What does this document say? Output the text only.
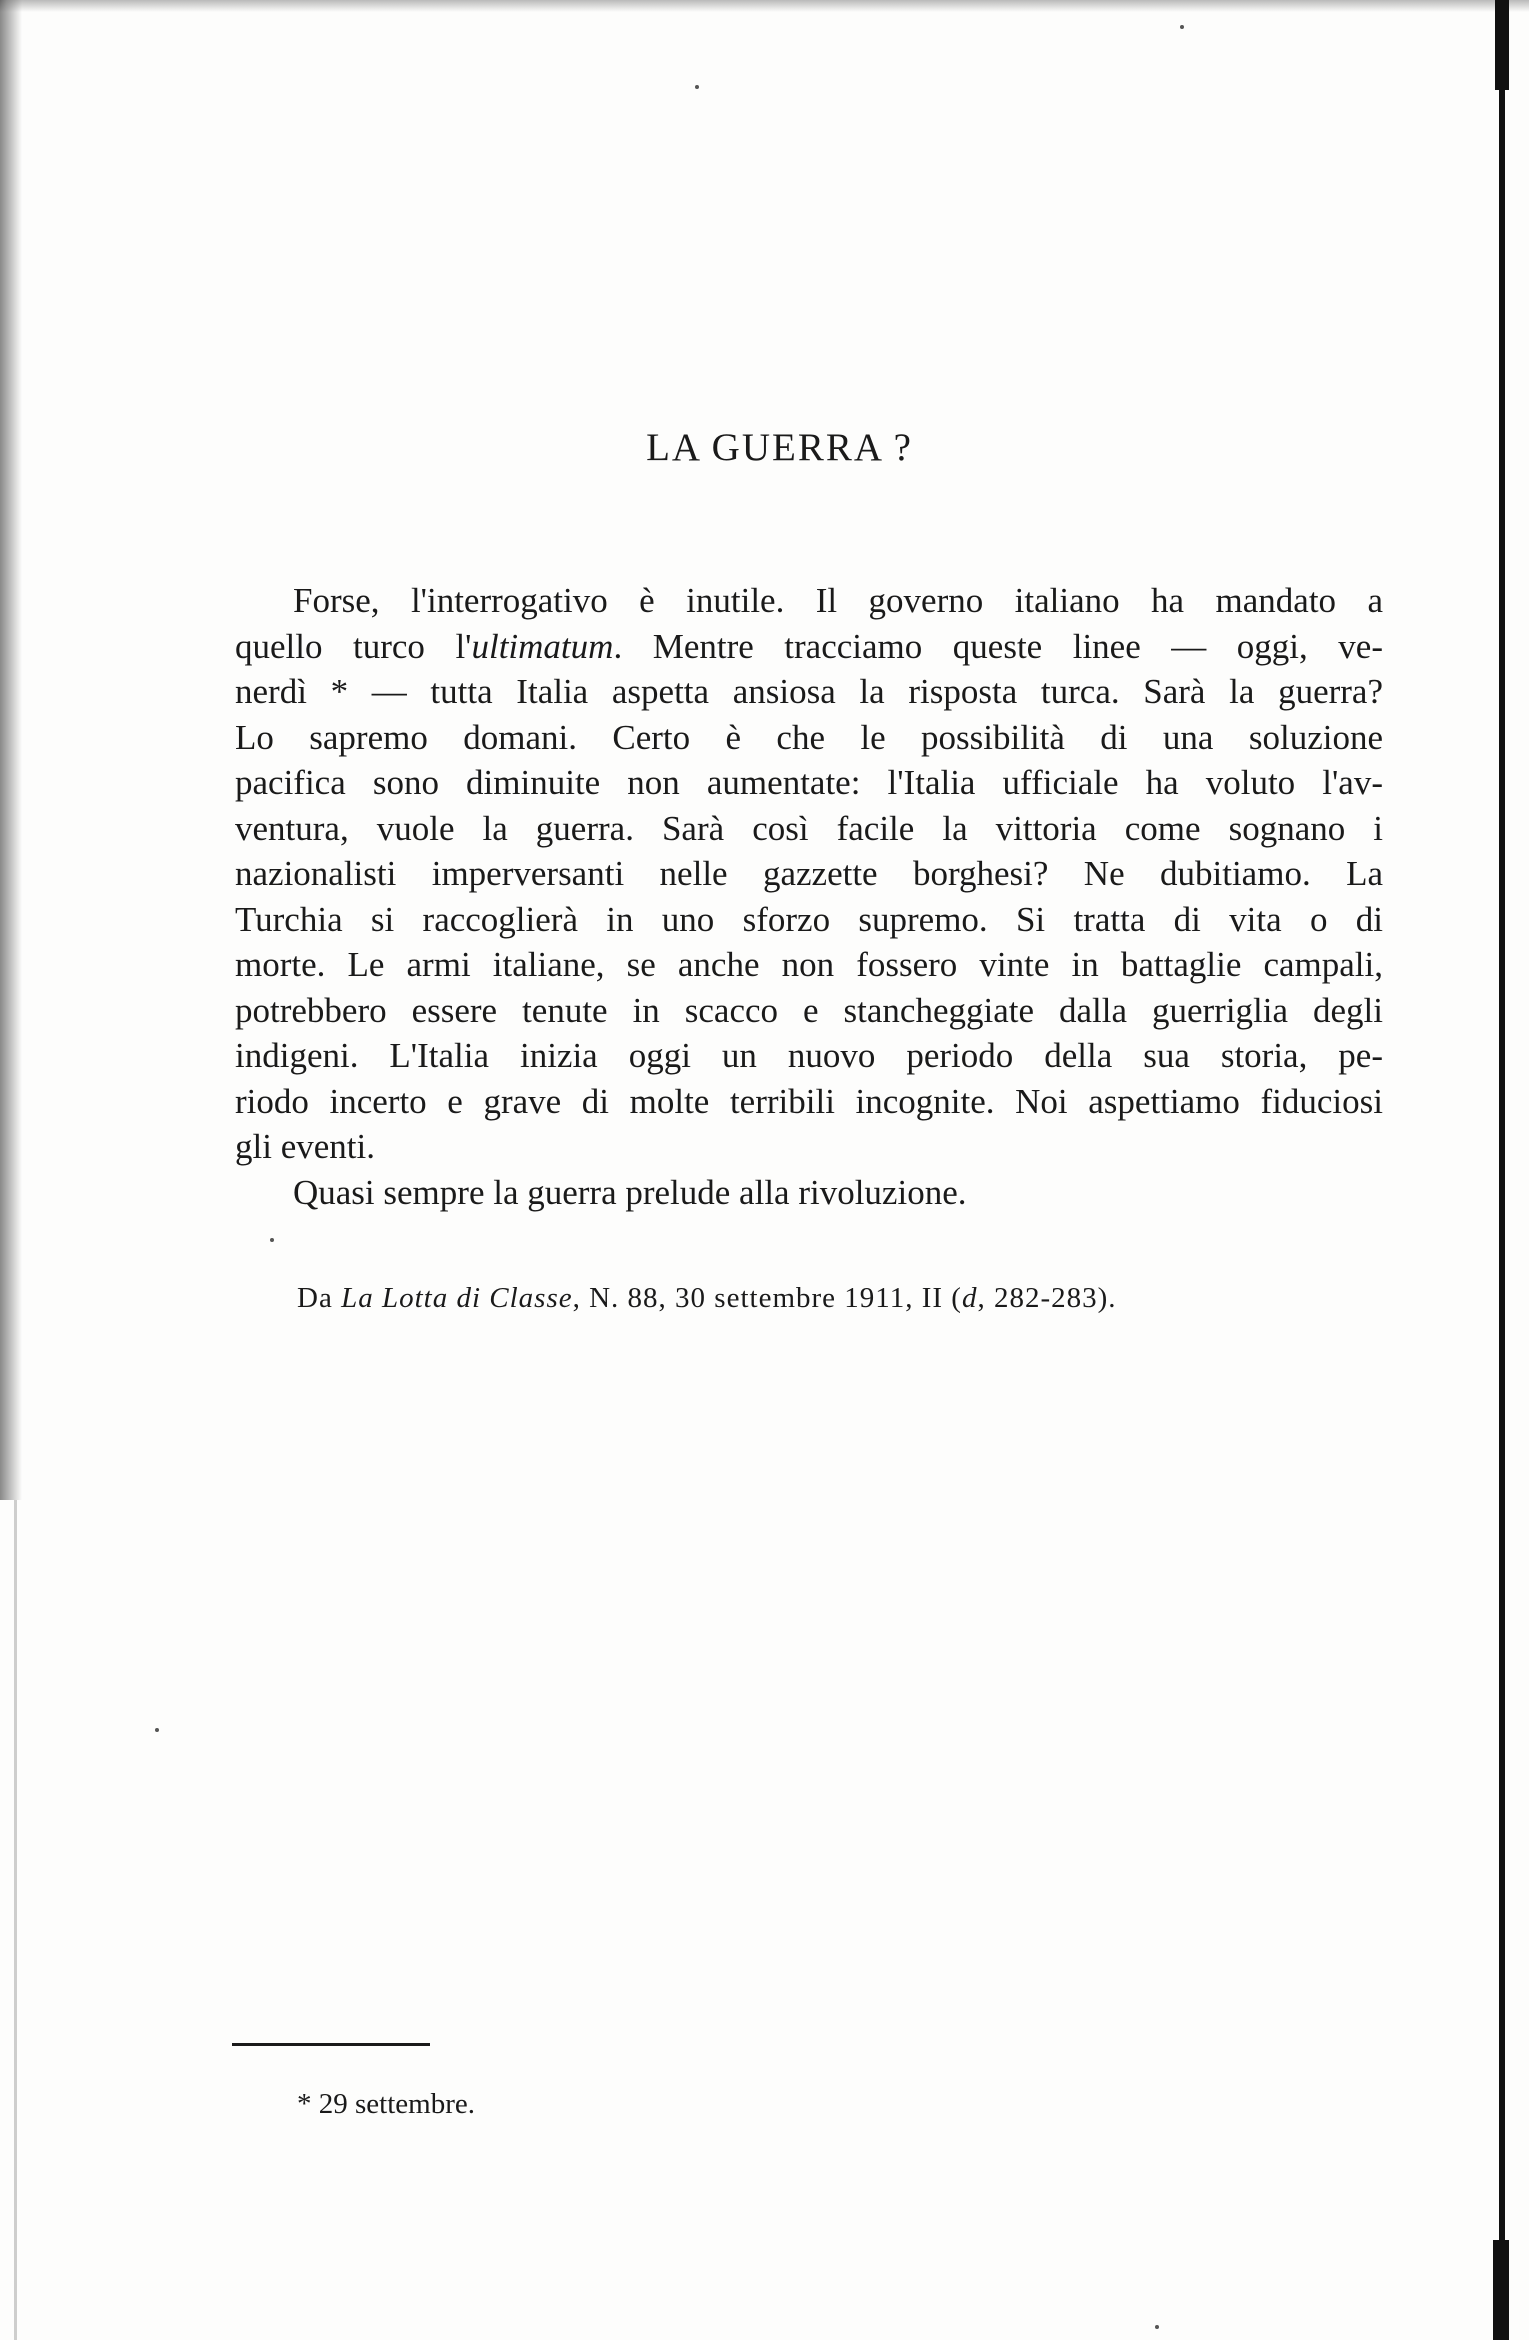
LA GUERRA ?
Forse, l'interrogativo è inutile. Il governo italiano ha mandato a
quello turco l'ultimatum. Mentre tracciamo queste linee — oggi, ve-
nerdì * — tutta Italia aspetta ansiosa la risposta turca. Sarà la guerra?
Lo sapremo domani. Certo è che le possibilità di una soluzione
pacifica sono diminuite non aumentate: l'Italia ufficiale ha voluto l'av-
ventura, vuole la guerra. Sarà così facile la vittoria come sognano i
nazionalisti imperversanti nelle gazzette borghesi? Ne dubitiamo. La
Turchia si raccoglierà in uno sforzo supremo. Si tratta di vita o di
morte. Le armi italiane, se anche non fossero vinte in battaglie campali,
potrebbero essere tenute in scacco e stancheggiate dalla guerriglia degli
indigeni. L'Italia inizia oggi un nuovo periodo della sua storia, pe-
riodo incerto e grave di molte terribili incognite. Noi aspettiamo fiduciosi
gli eventi.
Quasi sempre la guerra prelude alla rivoluzione.

Da La Lotta di Classe, N. 88, 30 settembre 1911, II (d, 282-283).

* 29 settembre.
